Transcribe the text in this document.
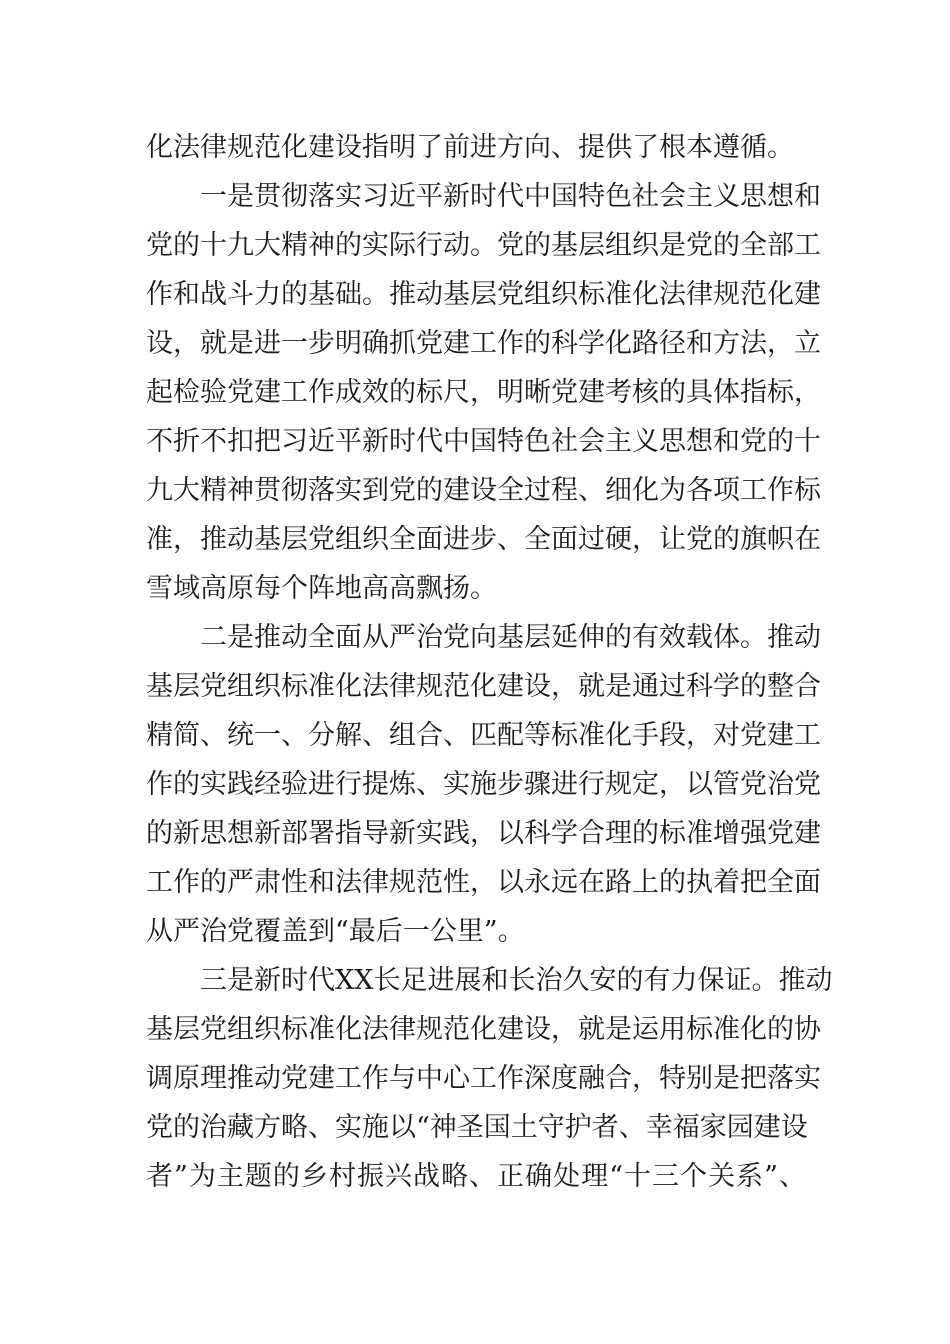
化法律规范化建设指明了前进方向、提供了根本遵循。
一是贯彻落实习近平新时代中国特色社会主义思想和
党的十九大精神的实际行动。党的基层组织是党的全部工
作和战斗力的基础。推动基层党组织标准化法律规范化建
设，就是进一步明确抓党建工作的科学化路径和方法，立
起检验党建工作成效的标尺，明晰党建考核的具体指标，
不折不扣把习近平新时代中国特色社会主义思想和党的十
九大精神贯彻落实到党的建设全过程、细化为各项工作标
准，推动基层党组织全面进步、全面过硬，让党的旗帜在
雪域高原每个阵地高高飘扬。
二是推动全面从严治党向基层延伸的有效载体。推动
基层党组织标准化法律规范化建设，就是通过科学的整合
精简、统一、分解、组合、匹配等标准化手段，对党建工
作的实践经验进行提炼、实施步骤进行规定，以管党治党
的新思想新部署指导新实践，以科学合理的标准增强党建
工作的严肃性和法律规范性，以永远在路上的执着把全面
从严治党覆盖到“最后一公里”。
三是新时代XX长足进展和长治久安的有力保证。推动
基层党组织标准化法律规范化建设，就是运用标准化的协
调原理推动党建工作与中心工作深度融合，特别是把落实
党的治藏方略、实施以“神圣国土守护者、幸福家园建设
者”为主题的乡村振兴战略、正确处理“十三个关系”、
